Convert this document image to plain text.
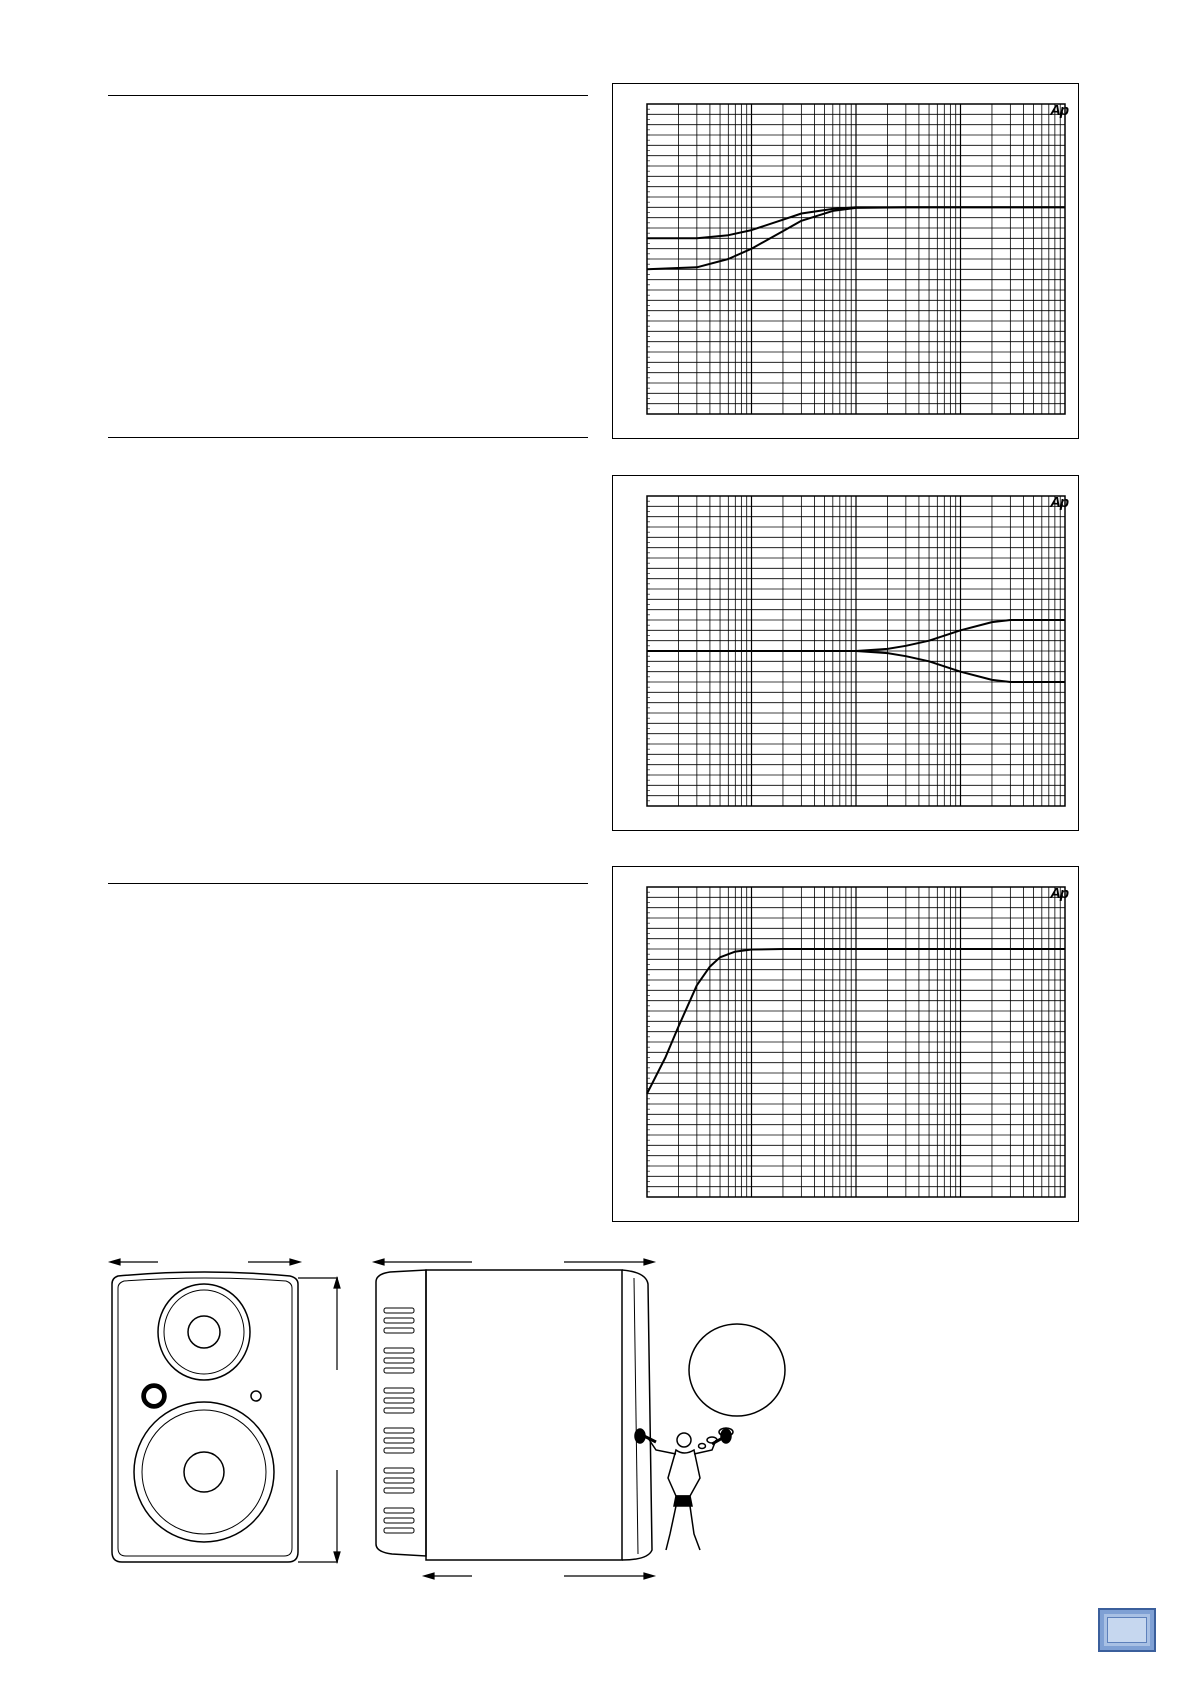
Ap
Ap
Ap
